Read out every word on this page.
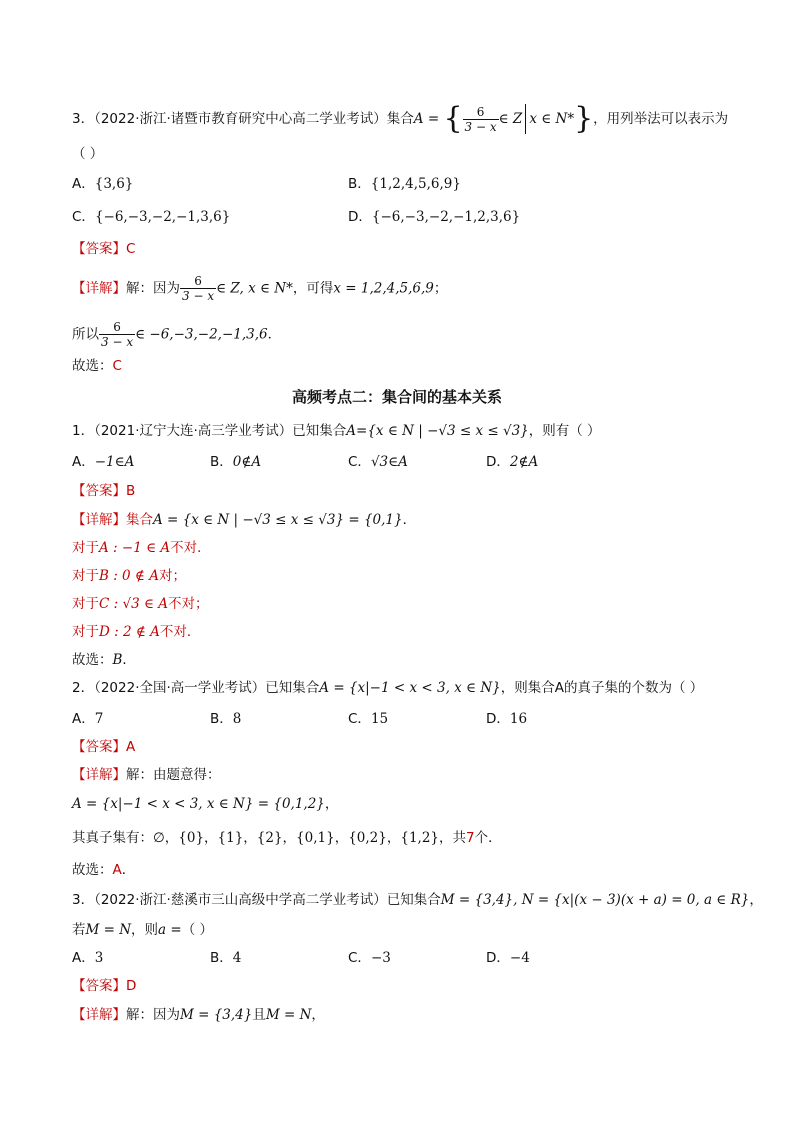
3．（2022·浙江·诸暨市教育研究中心高二学业考试）集合A = { $\frac{6}{3 - x}$ ∈ Z x ∈ N*}，用列举法可以表示为
（ ）
A．{3,6}	B．{1,2,4,5,6,9}
C．{−6,−3,−2,−1,3,6}	D．{−6,−3,−2,−1,2,3,6}
【答案】C
【详解】解：因为 $\frac{6}{3 - x}$ ∈ Z, x ∈ N*，可得x = 1,2,4,5,6,9；
所以 $\frac{6}{3 - x}$ ∈ −6,−3,−2,−1,3,6．
故选：C
高频考点二：集合间的基本关系
1．（2021·辽宁大连·高三学业考试）已知集合A={x ∈ N | −√3 ≤ x ≤ √3}，则有（ ）
A．−1∈A	B．0∉A	C．√3∈A	D．2∉A
【答案】B
【详解】集合A = {x ∈ N | −√3 ≤ x ≤ √3} = {0,1}．
对于A : −1 ∈ A不对．
对于B : 0 ∉ A对；
对于C : √3 ∈ A不对；
对于D : 2 ∉ A不对．
故选：B．
2．（2022·全国·高一学业考试）已知集合A = {x|−1 < x < 3, x ∈ N}，则集合A的真子集的个数为（ ）
A．7	B．8	C．15	D．16
【答案】A
【详解】解：由题意得：
A = {x|−1 < x < 3, x ∈ N} = {0,1,2}，
其真子集有：∅，{0}，{1}，{2}，{0,1}，{0,2}，{1,2}，共7个．
故选：A．
3．（2022·浙江·慈溪市三山高级中学高二学业考试）已知集合M = {3,4}, N = {x|(x − 3)(x + a) = 0, a ∈ R}，
若M = N，则a =（ ）
A．3	B．4	C．−3	D．−4
【答案】D
【详解】解：因为M = {3,4}且M = N，
